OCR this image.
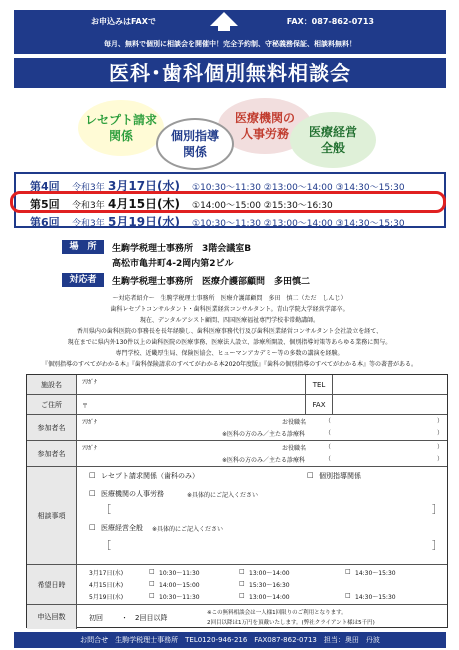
お申込みはFAXで	FAX：087-862-0713
毎月、無料で個別に相談会を開催中！完全予約制、守秘義務保証、相談料無料！
医科･歯科個別無料相談会
レセプト請求
関係
医療機関の
人事労務 医療経営
全般
個別指導
関係
第4回	令和3年 3月17日(水)	①10:30～11:30 ②13:00～14:00 ③14:30～15:30
第5回	令和3年 4月15日(木)	①14:00～15:00 ②15:30～16:30
第6回	令和3年 5月19日(水)	①10:30～11:30 ②13:00～14:00 ③14:30～15:30
場　所	生駒学税理士事務所　3階会議室B
高松市亀井町4-2岡内第2ビル
対応者	生駒学税理士事務所　医療介護部顧問　多田慎二
～対応者紹介～　生駒学税理士事務所　医療介護部顧問　多田　慎二（ただ　しんじ）
歯科レセプトコンサルタント・歯科医業経営コンサルタント。青山学院大学経営学部卒。
現在、デンタルアシスト顧問、四国医療福祉専門学校非常勤講師。
香川県内の歯科医院の事務長を長年経験し、歯科医療事務代行及び歯科医業経営コンサルタント会社設立を経て、
現在までに県内外130件以上の歯科医院の医療事務、医療法人設立、診療所開設、個別指導対策等あらゆる業務に関与。
専門学校、近畿厚生局、保険医協会、ヒューマンアカデミー等の多数の講演を経験。
『個別指導のすべてがわかる本』『歯科保険請求のすべてがわかる本2020年度版』『歯科の個別指導のすべてがわかる本』等の著書がある。
施設名	ﾌﾘｶﾞﾅ	TEL
ご住所	〒	FAX
参加者名
ﾌﾘｶﾞﾅ	お役職名	（	）
※医科の方のみ／主たる診療科	（	）
参加者名
ﾌﾘｶﾞﾅ	お役職名	（	）
※医科の方のみ／主たる診療科	（	）
相談事項
□ レセプト請求関係（歯科のみ）	□ 個別指導関係
□ 医療機関の人事労務	※具体的にご記入ください
［	］
□ 医療経営全般 ※具体的にご記入ください
［	］
希望日時
3月17日(水)	□ 10:30～11:30	□ 13:00～14:00	□ 14:30～15:30
4月15日(木)	□ 14:00～15:00	□ 15:30～16:30
5月19日(水)	□ 10:30～11:30	□ 13:00～14:00	□ 14:30～15:30
申込回数	初回	・ 2回目以降
※この無料相談会は一人様1回限りのご利用となります。
2回目以降は1万円を頂戴いたします。(弊社クライアント様は5千円)
お問合せ　生駒学税理士事務所　TEL0120-946-216　FAX087-862-0713　担当：奥田　丹波
